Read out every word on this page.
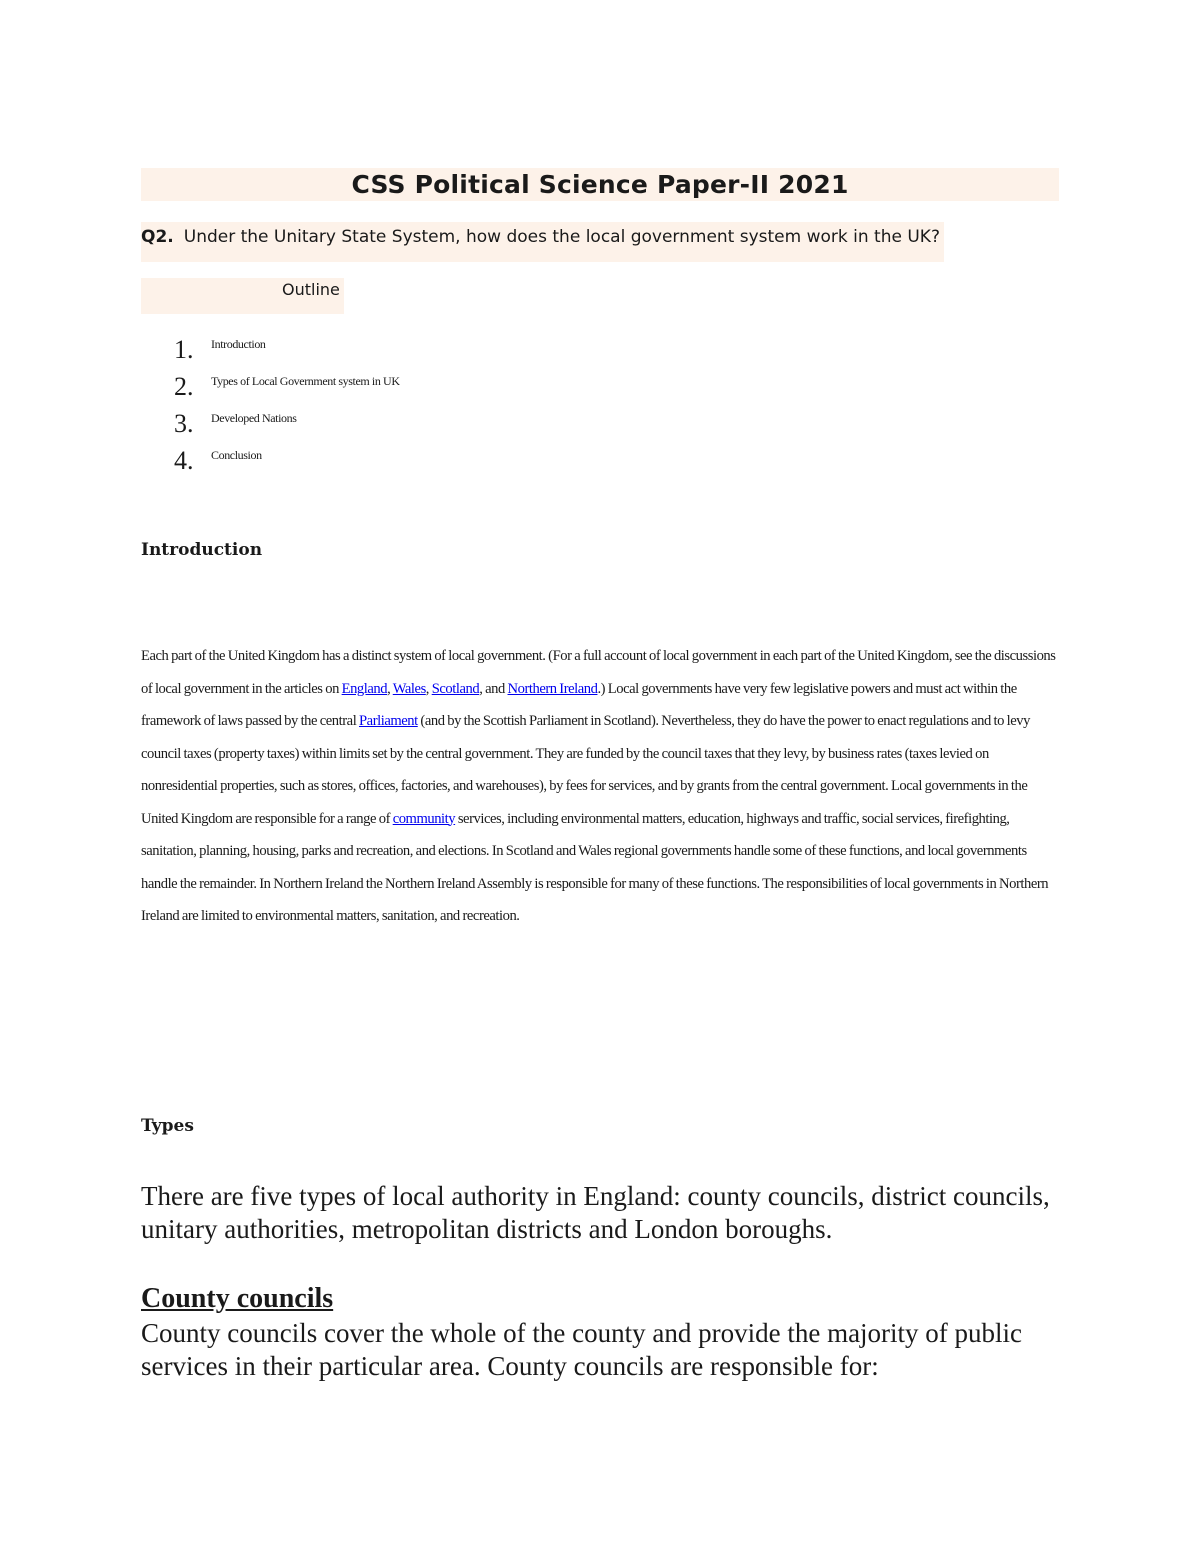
CSS Political Science Paper-II 2021
Q2. Under the Unitary State System, how does the local government system work in the UK?
Outline
1. Introduction
2. Types of Local Government system in UK
3. Developed Nations
4. Conclusion
Introduction

Each part of the United Kingdom has a distinct system of local government. (For a full account of local government in each part of the United Kingdom, see the discussions of local government in the articles on England, Wales, Scotland, and Northern Ireland.) Local governments have very few legislative powers and must act within the framework of laws passed by the central Parliament (and by the Scottish Parliament in Scotland). Nevertheless, they do have the power to enact regulations and to levy council taxes (property taxes) within limits set by the central government. They are funded by the council taxes that they levy, by business rates (taxes levied on nonresidential properties, such as stores, offices, factories, and warehouses), by fees for services, and by grants from the central government. Local governments in the United Kingdom are responsible for a range of community services, including environmental matters, education, highways and traffic, social services, firefighting, sanitation, planning, housing, parks and recreation, and elections. In Scotland and Wales regional governments handle some of these functions, and local governments handle the remainder. In Northern Ireland the Northern Ireland Assembly is responsible for many of these functions. The responsibilities of local governments in Northern Ireland are limited to environmental matters, sanitation, and recreation.

Types

There are five types of local authority in England: county councils, district councils, unitary authorities, metropolitan districts and London boroughs.

County councils

County councils cover the whole of the county and provide the majority of public services in their particular area. County councils are responsible for:
